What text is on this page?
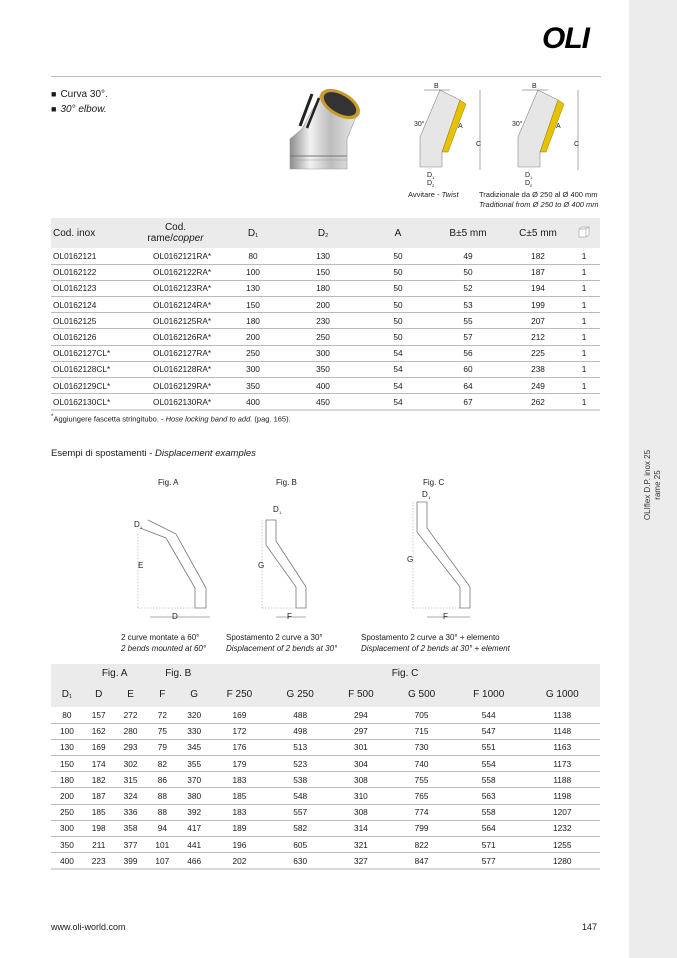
OLIflex D.P. inox 25 rame 25
OLI
■ Curva 30°.
■ 30° elbow.
B
30°	A
C
D 1
D 2
B
30°	A
C
D 1
D 2
Avvitare - Twist	Tradizionale da Ø 250 al Ø 400 mm
Traditional from Ø 250 to Ø 400 mm
Cod. inox	Cod.
rame/copper	$D_1$	$D_2$	A	B±5 mm	C±5 mm	
OL0162121	OL0162121RA*	80	130	50	49	182	1
OL0162122	OL0162122RA*	100	150	50	50	187	1
OL0162123	OL0162123RA*	130	180	50	52	194	1
OL0162124	OL0162124RA*	150	200	50	53	199	1
OL0162125	OL0162125RA*	180	230	50	55	207	1
OL0162126	OL0162126RA*	200	250	50	57	212	1
OL0162127CL*	OL0162127RA*	250	300	54	56	225	1
OL0162128CL*	OL0162128RA*	300	350	54	60	238	1
OL0162129CL*	OL0162129RA*	350	400	54	64	249	1
OL0162130CL*	OL0162130RA*	400	450	54	67	262	1
*Aggiungere fascetta stringitubo. - Hose locking band to add. (pag. 165).
Esempi di spostamenti - Displacement examples
Fig. A	Fig. B	Fig. C
D 1
E
D
D 1
G
F
D 1
G
F
2 curve montate a 60°
2 bends mounted at 60°
Spostamento 2 curve a 30°
Displacement of 2 bends at 30°
Spostamento 2 curve a 30° + elemento
Displacement of 2 bends at 30° + element
	Fig. A		Fig. B		Fig. C					
$D_1$	D	E	F	G	F 250	G 250	F 500	G 500	F 1000	G 1000
80	157	272	72	320	169	488	294	705	544	1138
100	162	280	75	330	172	498	297	715	547	1148
130	169	293	79	345	176	513	301	730	551	1163
150	174	302	82	355	179	523	304	740	554	1173
180	182	315	86	370	183	538	308	755	558	1188
200	187	324	88	380	185	548	310	765	563	1198
250	185	336	88	392	183	557	308	774	558	1207
300	198	358	94	417	189	582	314	799	564	1232
350	211	377	101	441	196	605	321	822	571	1255
400	223	399	107	466	202	630	327	847	577	1280
www.oli-world.com	147
